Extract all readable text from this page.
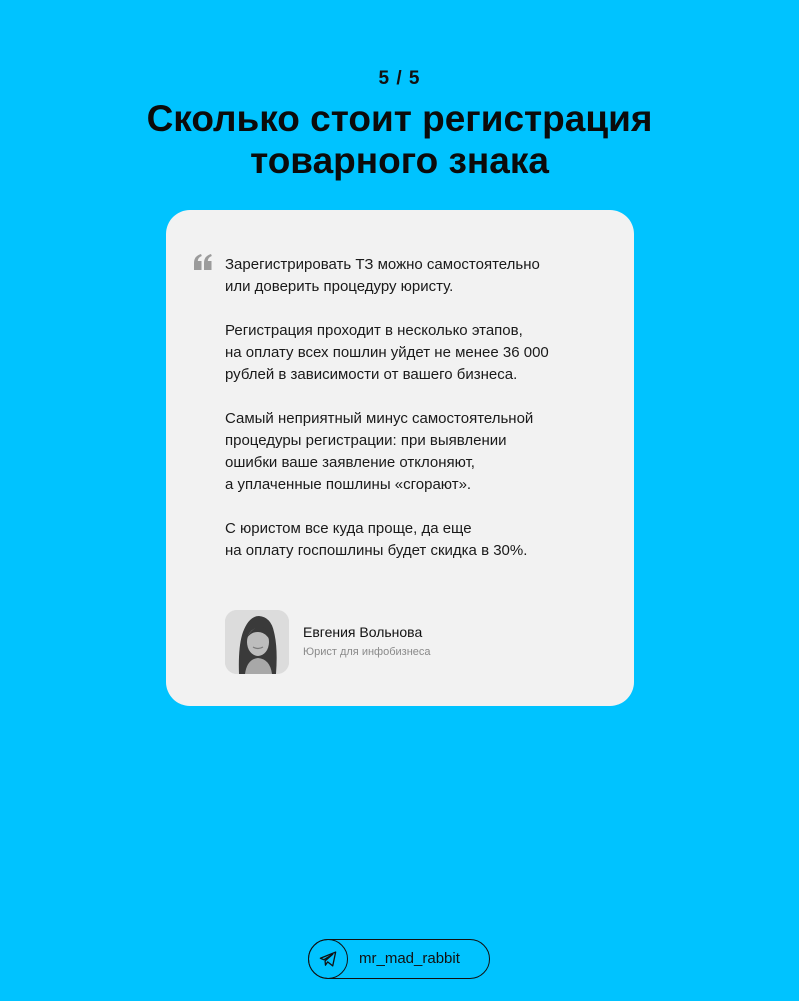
5 / 5
Сколько стоит регистрация
товарного знака

Зарегистрировать ТЗ можно самостоятельно
или доверить процедуру юристу.

Регистрация проходит в несколько этапов,
на оплату всех пошлин уйдет не менее 36 000
рублей в зависимости от вашего бизнеса.

Самый неприятный минус самостоятельной
процедуры регистрации: при выявлении
ошибки ваше заявление отклоняют,
а уплаченные пошлины «сгорают».

С юристом все куда проще, да еще
на оплату госпошлины будет скидка в 30%.

Евгения Вольнова
Юрист для инфобизнеса
mr_mad_rabbit
